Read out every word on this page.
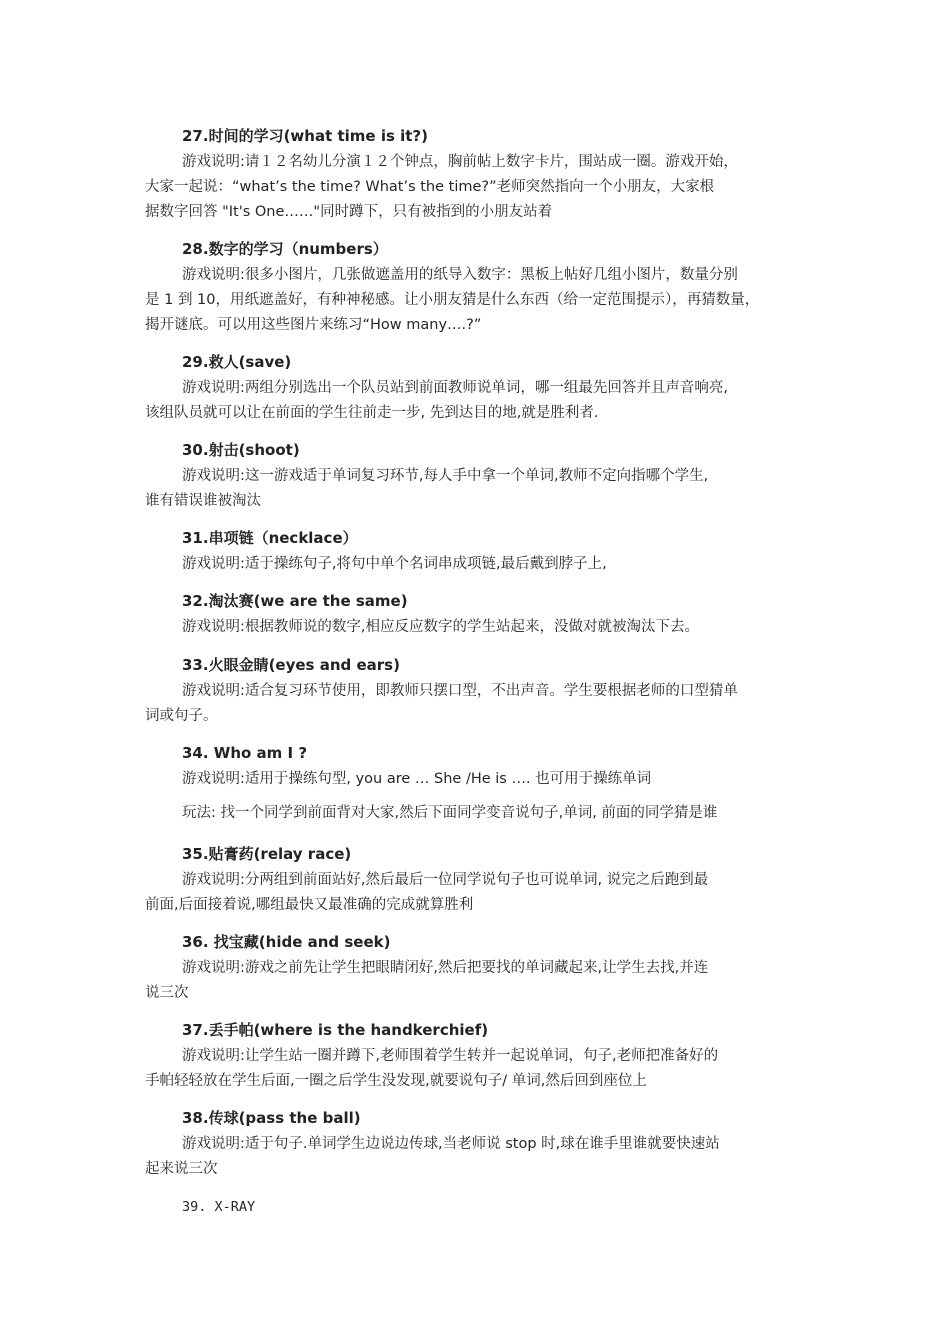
27.时间的学习(what time is it?)
游戏说明:请１２名幼儿分演１２个钟点，胸前帖上数字卡片，围站成一圈。游戏开始，
大家一起说：“what’s the time? What’s the time?”老师突然指向一个小朋友，大家根
据数字回答 "It's One……"同时蹲下，只有被指到的小朋友站着
28.数字的学习（numbers）
游戏说明:很多小图片，几张做遮盖用的纸导入数字：黑板上帖好几组小图片，数量分别
是 1 到 10，用纸遮盖好，有种神秘感。让小朋友猜是什么东西（给一定范围提示），再猜数量，
揭开谜底。可以用这些图片来练习“How many….?”
29.救人(save)
游戏说明:两组分别选出一个队员站到前面教师说单词，哪一组最先回答并且声音响亮,
该组队员就可以让在前面的学生往前走一步, 先到达目的地,就是胜利者.
30.射击(shoot)
游戏说明:这一游戏适于单词复习环节,每人手中拿一个单词,教师不定向指哪个学生,
谁有错误谁被淘汰
31.串项链（necklace）
游戏说明:适于操练句子,将句中单个名词串成项链,最后戴到脖子上,
32.淘汰赛(we are the same)
游戏说明:根据教师说的数字,相应反应数字的学生站起来，没做对就被淘汰下去。
33.火眼金睛(eyes and ears)
游戏说明:适合复习环节使用，即教师只摆口型，不出声音。学生要根据老师的口型猜单
词或句子。
34. Who am I ?
游戏说明:适用于操练句型, you are … She /He is …. 也可用于操练单词
玩法: 找一个同学到前面背对大家,然后下面同学变音说句子,单词, 前面的同学猜是谁
35.贴膏药(relay race)
游戏说明:分两组到前面站好,然后最后一位同学说句子也可说单词, 说完之后跑到最
前面,后面接着说,哪组最快又最准确的完成就算胜利
36. 找宝藏(hide and seek)
游戏说明:游戏之前先让学生把眼睛闭好,然后把要找的单词藏起来,让学生去找,并连
说三次
37.丢手帕(where is the handkerchief)
游戏说明:让学生站一圈并蹲下,老师围着学生转并一起说单词，句子,老师把准备好的
手帕轻轻放在学生后面,一圈之后学生没发现,就要说句子/ 单词,然后回到座位上
38.传球(pass the ball)
游戏说明:适于句子.单词学生边说边传球,当老师说 stop 时,球在谁手里谁就要快速站
起来说三次
39. X-RAY
